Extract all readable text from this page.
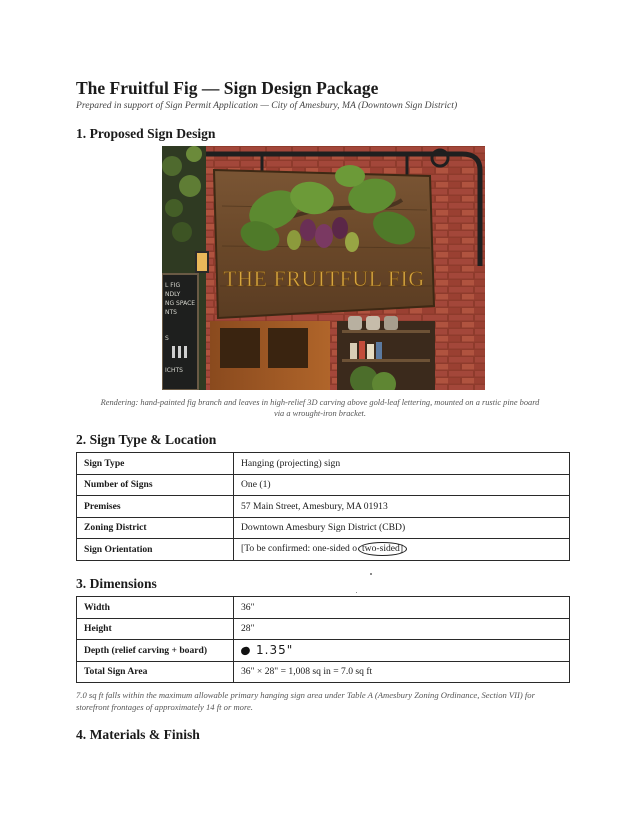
The Fruitful Fig — Sign Design Package
Prepared in support of Sign Permit Application — City of Amesbury, MA (Downtown Sign District)
1. Proposed Sign Design
L FIG
NDLY
NG SPACE
NTS
S
ICHTS
THE FRUITFUL FIG
Rendering: hand-painted fig branch and leaves in high-relief 3D carving above gold-leaf lettering, mounted on a rustic pine board via a wrought-iron bracket.
2. Sign Type & Location
Sign Type	Hanging (projecting) sign
Number of Signs	One (1)
Premises	57 Main Street, Amesbury, MA 01913
Zoning District	Downtown Amesbury Sign District (CBD)
Sign Orientation	[To be confirmed: one-sided o two-sided]
3. Dimensions
Width	36"
Height	28"
Depth (relief carving + board)	1.35"
Total Sign Area	36" × 28" = 1,008 sq in = 7.0 sq ft
7.0 sq ft falls within the maximum allowable primary hanging sign area under Table A (Amesbury Zoning Ordinance, Section VII) for storefront frontages of approximately 14 ft or more.
4. Materials & Finish
